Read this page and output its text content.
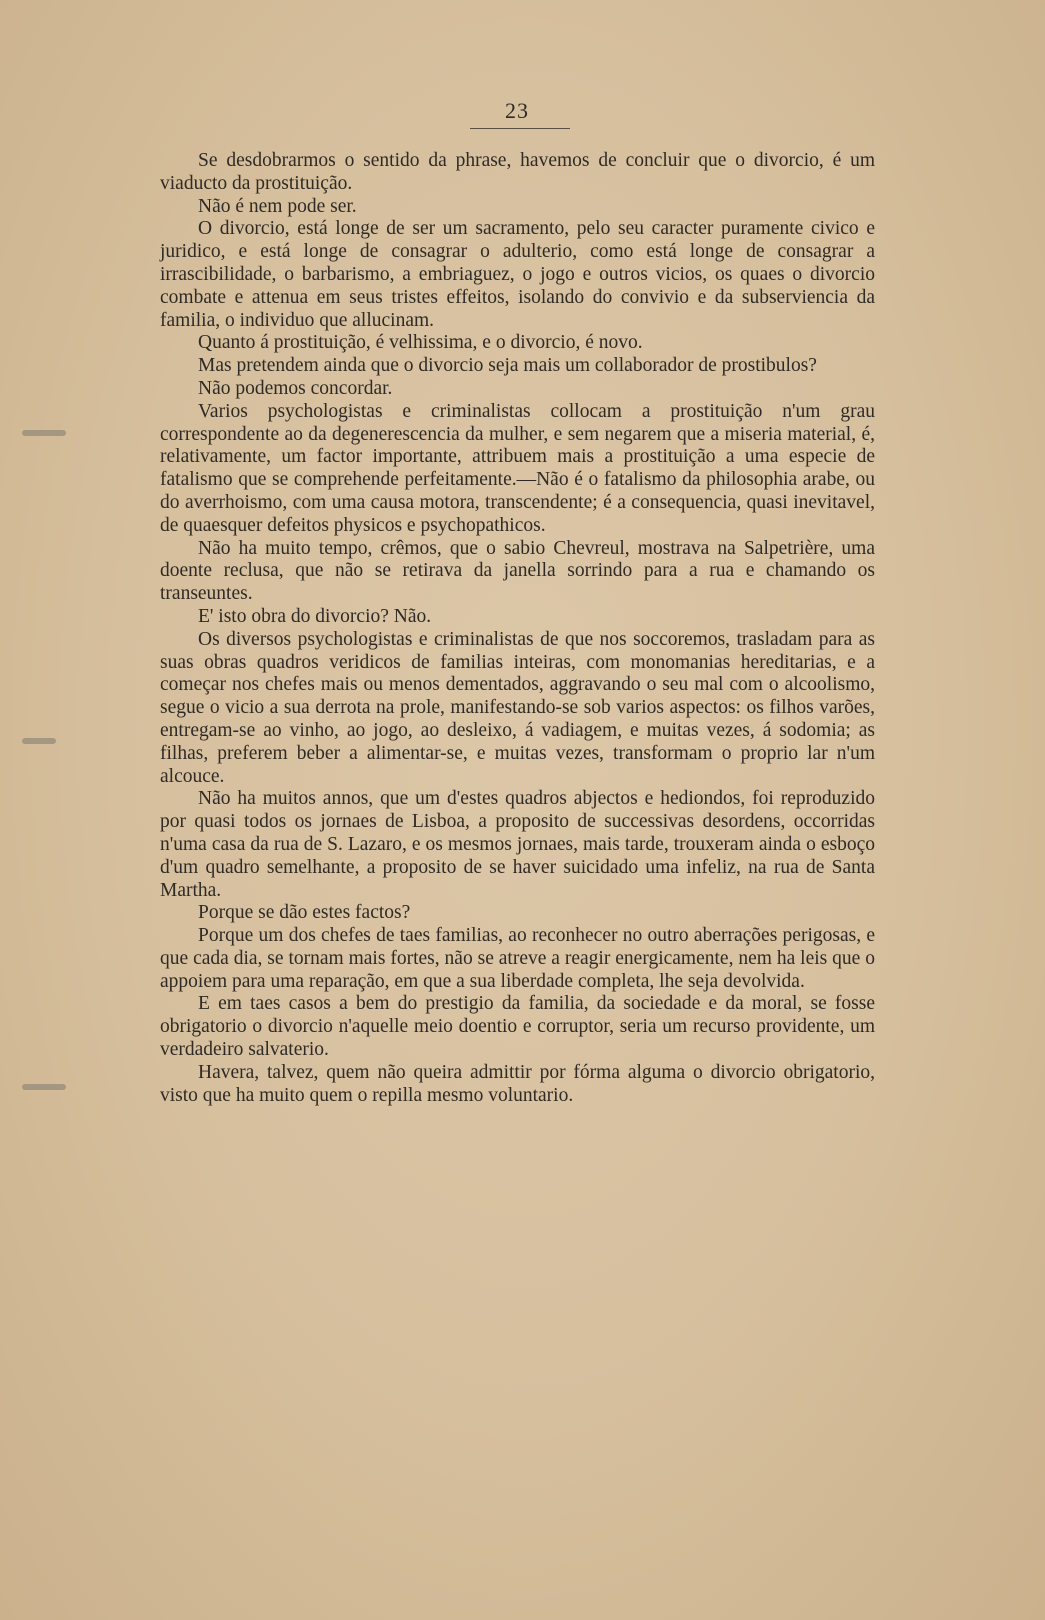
23

Se desdobrarmos o sentido da phrase, havemos de concluir que o divorcio, é um viaducto da prostituição.

Não é nem pode ser.

O divorcio, está longe de ser um sacramento, pelo seu caracter puramente civico e juridico, e está longe de consagrar o adulterio, como está longe de consagrar a irrascibilidade, o barbarismo, a embriaguez, o jogo e outros vicios, os quaes o divorcio combate e attenua em seus tristes effeitos, isolando do convivio e da subserviencia da familia, o individuo que allucinam.

Quanto á prostituição, é velhissima, e o divorcio, é novo.

Mas pretendem ainda que o divorcio seja mais um collaborador de prostibulos?

Não podemos concordar.

Varios psychologistas e criminalistas collocam a prostituição n'um grau correspondente ao da degenerescencia da mulher, e sem negarem que a miseria material, é, relativamente, um factor importante, attribuem mais a prostituição a uma especie de fatalismo que se comprehende perfeitamente.—Não é o fatalismo da philosophia arabe, ou do averrhoismo, com uma causa motora, transcendente; é a consequencia, quasi inevitavel, de quaesquer defeitos physicos e psychopathicos.

Não ha muito tempo, crêmos, que o sabio Chevreul, mostrava na Salpetrière, uma doente reclusa, que não se retirava da janella sorrindo para a rua e chamando os transeuntes.

E' isto obra do divorcio? Não.

Os diversos psychologistas e criminalistas de que nos soccoremos, trasladam para as suas obras quadros veridicos de familias inteiras, com monomanias hereditarias, e a começar nos chefes mais ou menos dementados, aggravando o seu mal com o alcoolismo, segue o vicio a sua derrota na prole, manifestando-se sob varios aspectos: os filhos varões, entregam-se ao vinho, ao jogo, ao desleixo, á vadiagem, e muitas vezes, á sodomia; as filhas, preferem beber a alimentar-se, e muitas vezes, transformam o proprio lar n'um alcouce.

Não ha muitos annos, que um d'estes quadros abjectos e hediondos, foi reproduzido por quasi todos os jornaes de Lisboa, a proposito de successivas desordens, occorridas n'uma casa da rua de S. Lazaro, e os mesmos jornaes, mais tarde, trouxeram ainda o esboço d'um quadro semelhante, a proposito de se haver suicidado uma infeliz, na rua de Santa Martha.

Porque se dão estes factos?

Porque um dos chefes de taes familias, ao reconhecer no outro aberrações perigosas, e que cada dia, se tornam mais fortes, não se atreve a reagir energicamente, nem ha leis que o appoiem para uma reparação, em que a sua liberdade completa, lhe seja devolvida.

E em taes casos a bem do prestigio da familia, da sociedade e da moral, se fosse obrigatorio o divorcio n'aquelle meio doentio e corruptor, seria um recurso providente, um verdadeiro salvaterio.

Havera, talvez, quem não queira admittir por fórma alguma o divorcio obrigatorio, visto que ha muito quem o repilla mesmo voluntario.
